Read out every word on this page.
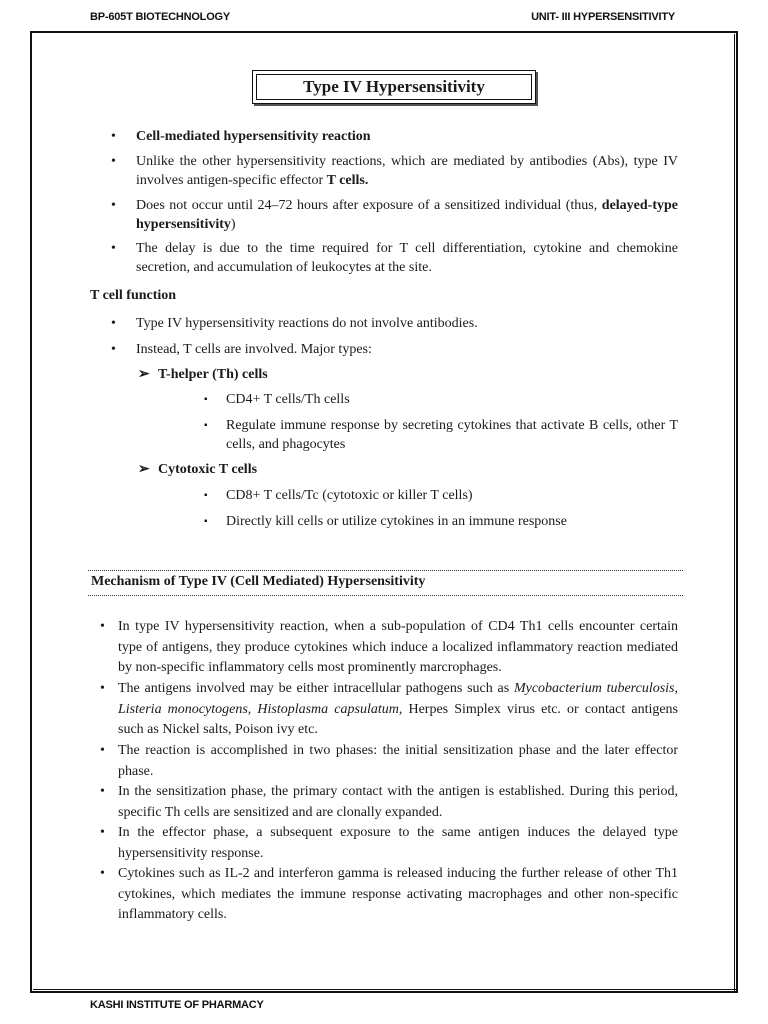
BP-605T BIOTECHNOLOGY	UNIT- III HYPERSENSITIVITY
Type IV Hypersensitivity
• Cell-mediated hypersensitivity reaction
• Unlike the other hypersensitivity reactions, which are mediated by antibodies (Abs), type IV involves antigen-specific effector T cells.
• Does not occur until 24–72 hours after exposure of a sensitized individual (thus, delayed-type hypersensitivity)
• The delay is due to the time required for T cell differentiation, cytokine and chemokine secretion, and accumulation of leukocytes at the site.
T cell function
• Type IV hypersensitivity reactions do not involve antibodies.
• Instead, T cells are involved. Major types:
➢ T-helper (Th) cells
▪ CD4+ T cells/Th cells
▪ Regulate immune response by secreting cytokines that activate B cells, other T cells, and phagocytes
➢ Cytotoxic T cells
▪ CD8+ T cells/Tc (cytotoxic or killer T cells)
▪ Directly kill cells or utilize cytokines in an immune response
Mechanism of Type IV (Cell Mediated) Hypersensitivity
• In type IV hypersensitivity reaction, when a sub-population of CD4 Th1 cells encounter certain type of antigens, they produce cytokines which induce a localized inflammatory reaction mediated by non-specific inflammatory cells most prominently marcrophages.
• The antigens involved may be either intracellular pathogens such as Mycobacterium tuberculosis, Listeria monocytogens, Histoplasma capsulatum, Herpes Simplex virus etc. or contact antigens such as Nickel salts, Poison ivy etc.
• The reaction is accomplished in two phases: the initial sensitization phase and the later effector phase.
• In the sensitization phase, the primary contact with the antigen is established. During this period, specific Th cells are sensitized and are clonally expanded.
• In the effector phase, a subsequent exposure to the same antigen induces the delayed type hypersensitivity response.
• Cytokines such as IL-2 and interferon gamma is released inducing the further release of other Th1 cytokines, which mediates the immune response activating macrophages and other non-specific inflammatory cells.
KASHI INSTITUTE OF PHARMACY
